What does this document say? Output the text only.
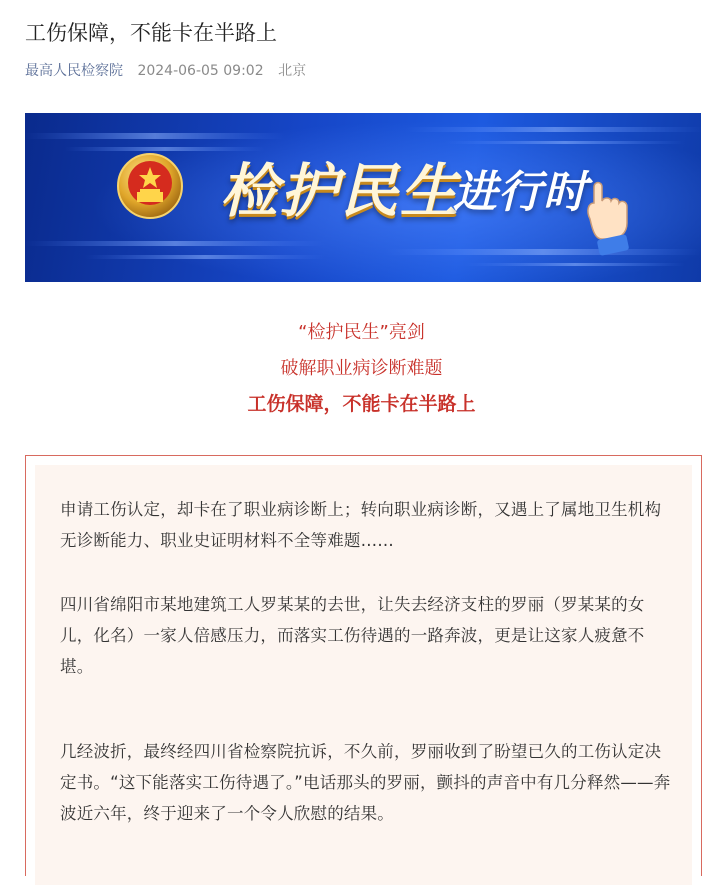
工伤保障，不能卡在半路上
最高人民检察院 2024-06-05 09:02 北京
检护民生
进行时
“检护民生”亮剑
破解职业病诊断难题
工伤保障，不能卡在半路上

申请工伤认定，却卡在了职业病诊断上；转向职业病诊断，又遇上了属地卫生机构无诊断能力、职业史证明材料不全等难题……

四川省绵阳市某地建筑工人罗某某的去世，让失去经济支柱的罗丽（罗某某的女儿，化名）一家人倍感压力，而落实工伤待遇的一路奔波，更是让这家人疲惫不堪。

几经波折，最终经四川省检察院抗诉，不久前，罗丽收到了盼望已久的工伤认定决定书。“这下能落实工伤待遇了。”电话那头的罗丽，颤抖的声音中有几分释然——奔波近六年，终于迎来了一个令人欣慰的结果。
